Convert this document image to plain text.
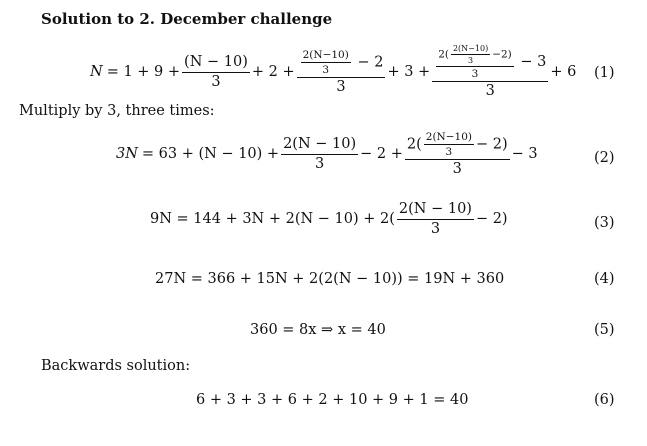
Solution to 2. December challenge
$N = 1 + 9 + \frac{(N - 10)}{3} + 2 + \frac{\frac{2(N-10)}{3} - 2}{3} + 3 + \frac{\frac{2( \frac{2(N-10)}{3} -2)}{3} - 3}{3} + 6$ (1)
Multiply by 3, three times:
$3N = 63 + (N - 10) + \frac{2(N - 10)}{3} - 2 + \frac{2( \frac{2(N-10)}{3} - 2)}{3} - 3$	(2)
$9N = 144 + 3N + 2(N - 10) + 2( \frac{2(N - 10)}{3} - 2)$	(3)
27N = 366 + 15N + 2(2(N − 10)) = 19N + 360	(4)
360 = 8x ⇒ x = 40	(5)
Backwards solution:
6 + 3 + 3 + 6 + 2 + 10 + 9 + 1 = 40	(6)
